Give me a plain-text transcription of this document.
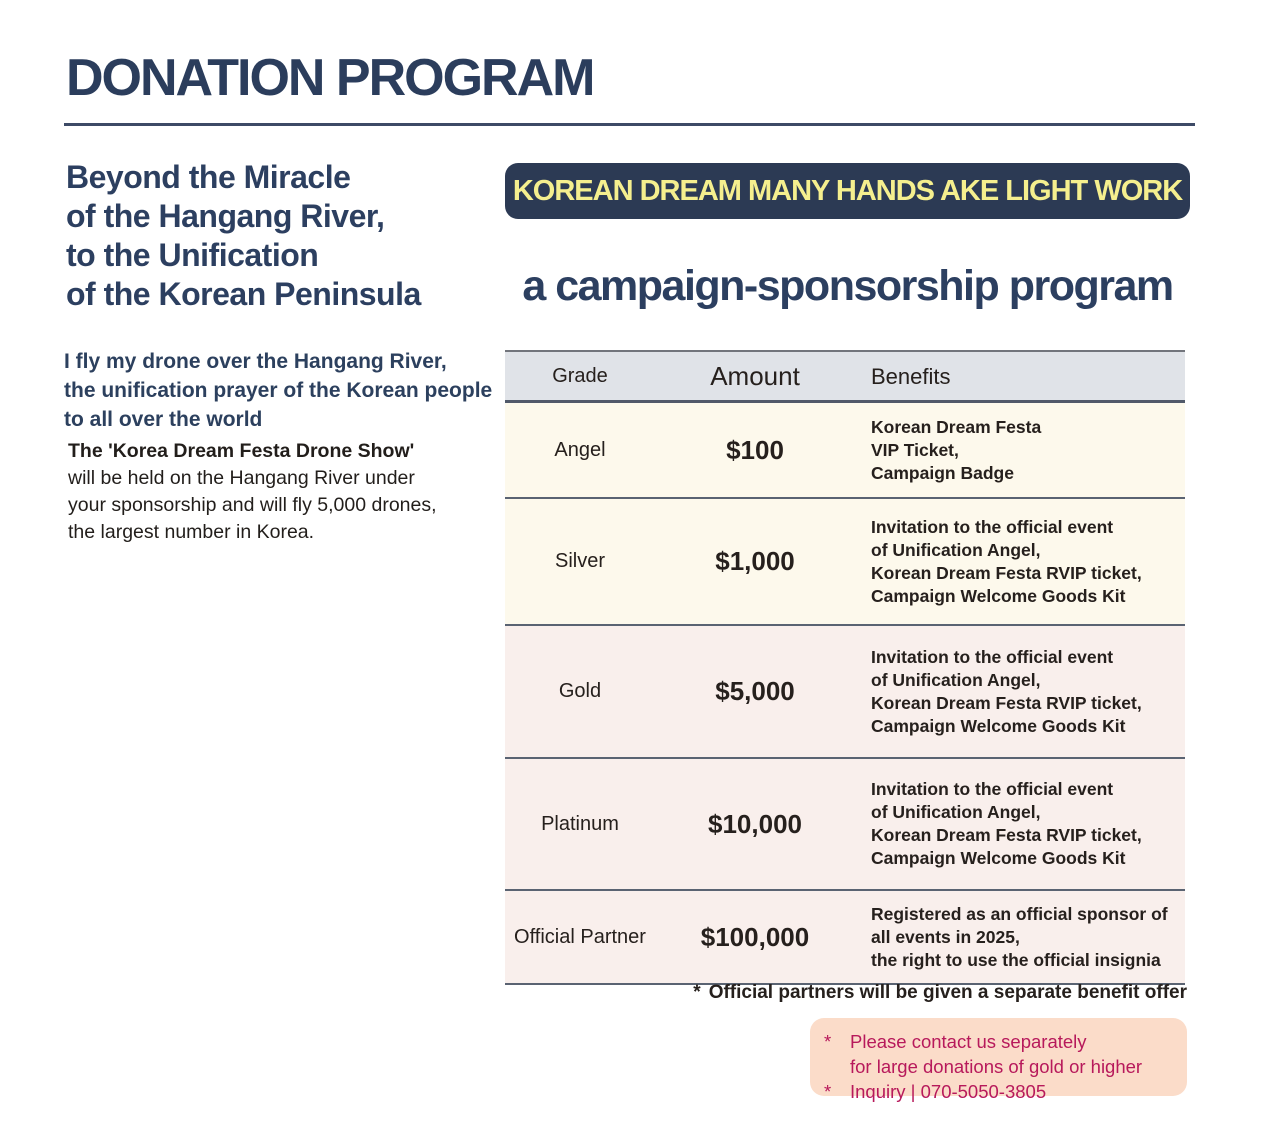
DONATION PROGRAM
Beyond the Miracle
of the Hangang River,
to the Unification
of the Korean Peninsula
I fly my drone over the Hangang River,
the unification prayer of the Korean people
to all over the world
The 'Korea Dream Festa Drone Show'
will be held on the Hangang River under
your sponsorship and will fly 5,000 drones,
the largest number in Korea.
KOREAN DREAM MANY HANDS AKE LIGHT WORK
a campaign-sponsorship program
Grade	Amount	Benefits
Angel	$100
Korean Dream Festa
VIP Ticket,
Campaign Badge
Silver	$1,000
Invitation to the official event
of Unification Angel,
Korean Dream Festa RVIP ticket,
Campaign Welcome Goods Kit
Gold	$5,000
Invitation to the official event
of Unification Angel,
Korean Dream Festa RVIP ticket,
Campaign Welcome Goods Kit
Platinum	$10,000
Invitation to the official event
of Unification Angel,
Korean Dream Festa RVIP ticket,
Campaign Welcome Goods Kit
Official Partner	$100,000
Registered as an official sponsor of
all events in 2025,
the right to use the official insignia
* Official partners will be given a separate benefit offer
*	Please contact us separately
for large donations of gold or higher
*	Inquiry | 070-5050-3805
